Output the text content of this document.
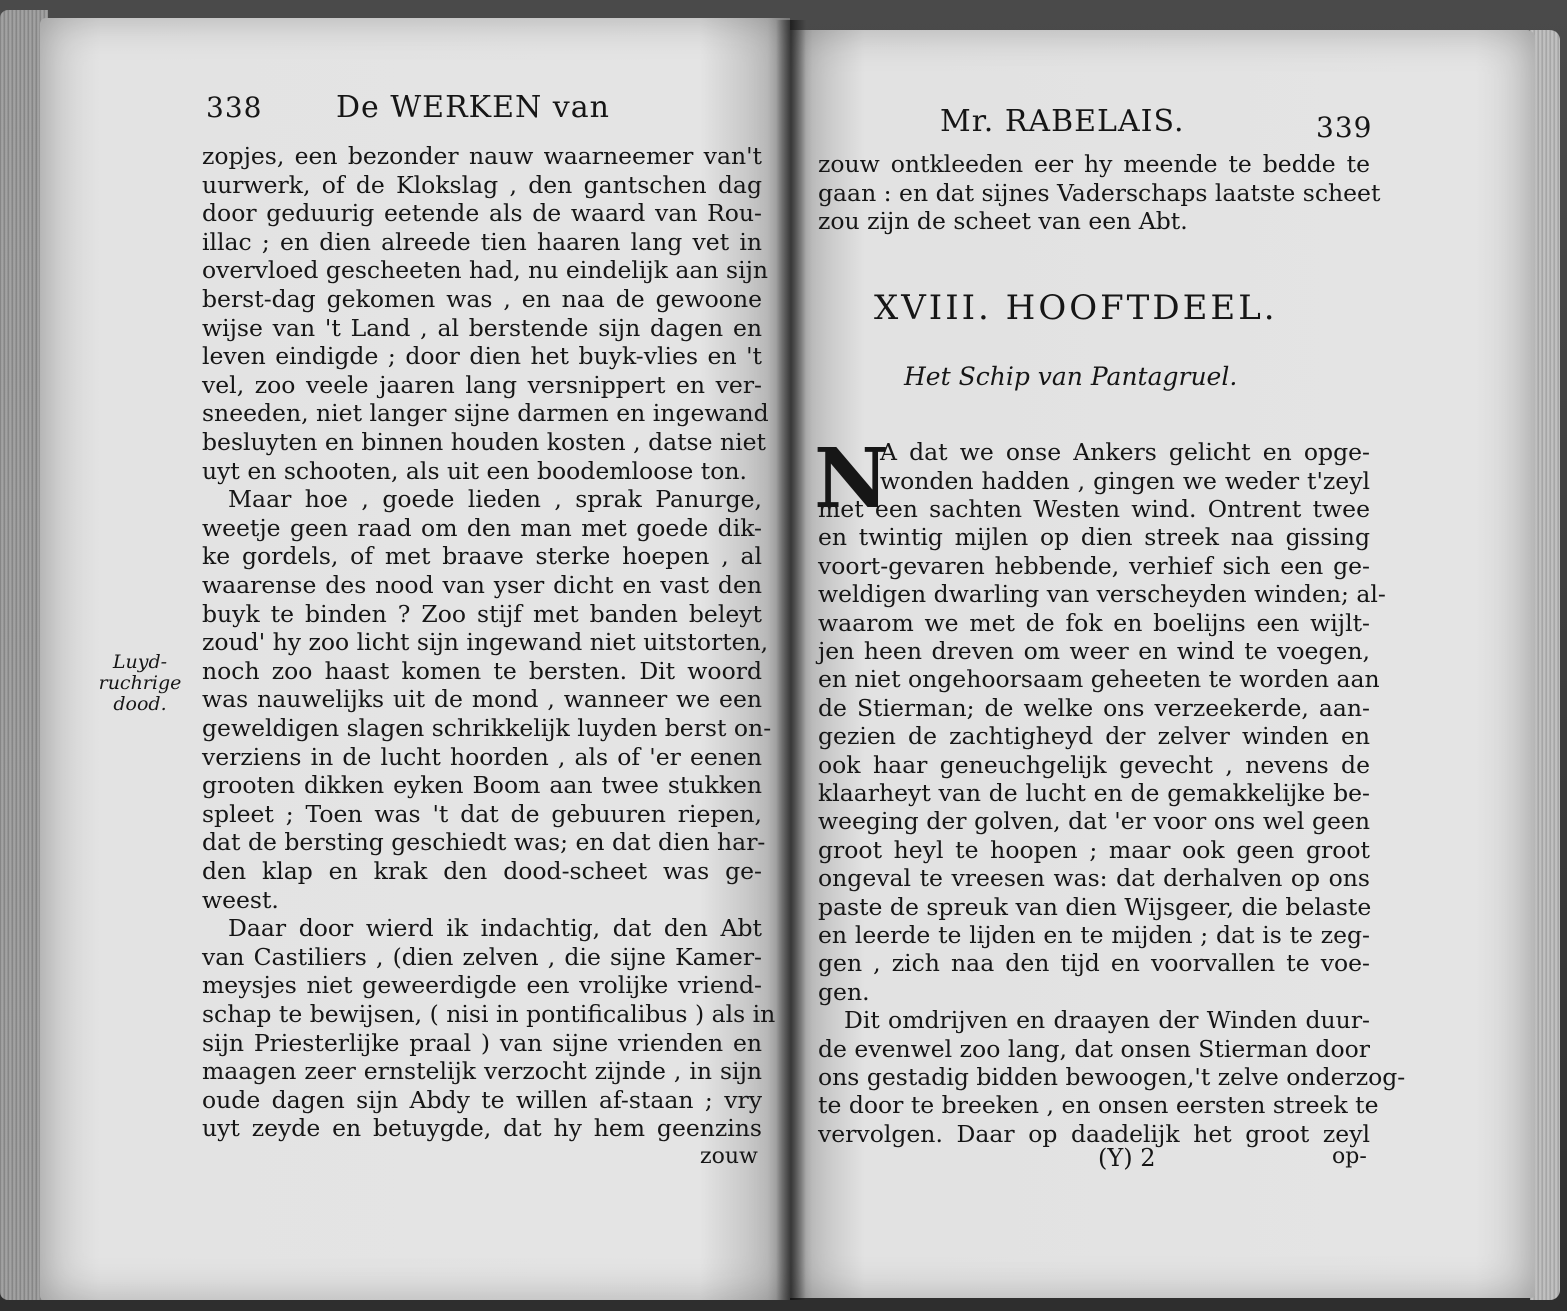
338 De WERKEN van
Luyd-
ruchrige
dood.
zopjes, een bezonder nauw waarneemer van't
uurwerk, of de Klokslag , den gantschen dag
door geduurig eetende als de waard van Rou-
illac ; en dien alreede tien haaren lang vet in
overvloed gescheeten had, nu eindelijk aan sijn
berst-dag gekomen was , en naa de gewoone
wijse van 't Land , al berstende sijn dagen en
leven eindigde ; door dien het buyk-vlies en 't
vel, zoo veele jaaren lang versnippert en ver-
sneeden, niet langer sijne darmen en ingewand
besluyten en binnen houden kosten , datse niet
uyt en schooten, als uit een boodemloose ton.
Maar hoe , goede lieden , sprak Panurge,
weetje geen raad om den man met goede dik-
ke gordels, of met braave sterke hoepen , al
waarense des nood van yser dicht en vast den
buyk te binden ? Zoo stijf met banden beleyt
zoud' hy zoo licht sijn ingewand niet uitstorten,
noch zoo haast komen te bersten. Dit woord
was nauwelijks uit de mond , wanneer we een
geweldigen slagen schrikkelijk luyden berst on-
verziens in de lucht hoorden , als of 'er eenen
grooten dikken eyken Boom aan twee stukken
spleet ; Toen was 't dat de gebuuren riepen,
dat de bersting geschiedt was; en dat dien har-
den klap en krak den dood-scheet was ge-
weest.
Daar door wierd ik indachtig, dat den Abt
van Castiliers , (dien zelven , die sijne Kamer-
meysjes niet geweerdigde een vrolijke vriend-
schap te bewijsen, ( nisi in pontificalibus ) als in
sijn Priesterlijke praal ) van sijne vrienden en
maagen zeer ernstelijk verzocht zijnde , in sijn
oude dagen sijn Abdy te willen af-staan ; vry
uyt zeyde en betuygde, dat hy hem geenzins
zouw
Mr. RABELAIS.	339
zouw ontkleeden eer hy meende te bedde te
gaan : en dat sijnes Vaderschaps laatste scheet
zou zijn de scheet van een Abt.
XVIII. HOOFTDEEL.
Het Schip van Pantagruel.
N
A dat we onse Ankers gelicht en opge-
wonden hadden , gingen we weder t'zeyl
met een sachten Westen wind. Ontrent twee
en twintig mijlen op dien streek naa gissing
voort-gevaren hebbende, verhief sich een ge-
weldigen dwarling van verscheyden winden; al-
waarom we met de fok en boelijns een wijlt-
jen heen dreven om weer en wind te voegen,
en niet ongehoorsaam geheeten te worden aan
de Stierman; de welke ons verzeekerde, aan-
gezien de zachtigheyd der zelver winden en
ook haar geneuchgelijk gevecht , nevens de
klaarheyt van de lucht en de gemakkelijke be-
weeging der golven, dat 'er voor ons wel geen
groot heyl te hoopen ; maar ook geen groot
ongeval te vreesen was: dat derhalven op ons
paste de spreuk van dien Wijsgeer, die belaste
en leerde te lijden en te mijden ; dat is te zeg-
gen , zich naa den tijd en voorvallen te voe-
gen.
Dit omdrijven en draayen der Winden duur-
de evenwel zoo lang, dat onsen Stierman door
ons gestadig bidden bewoogen,'t zelve onderzog-
te door te breeken , en onsen eersten streek te
vervolgen. Daar op daadelijk het groot zeyl
(Y) 2	op-
